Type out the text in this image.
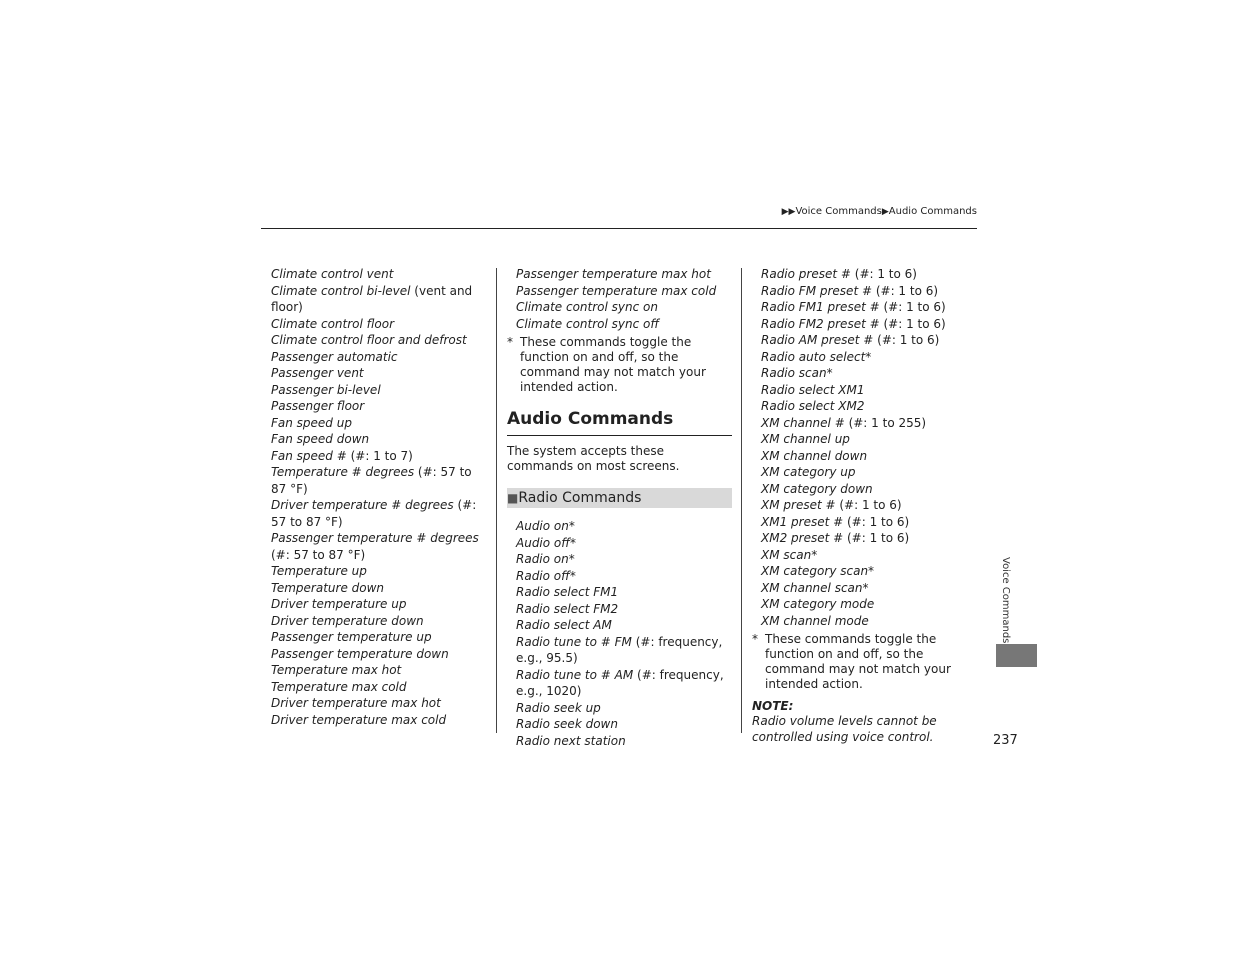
▶▶Voice Commands▶Audio Commands
Climate control vent
Climate control bi-level (vent and floor)
Climate control floor
Climate control floor and defrost
Passenger automatic
Passenger vent
Passenger bi-level
Passenger floor
Fan speed up
Fan speed down
Fan speed # (#: 1 to 7)
Temperature # degrees (#: 57 to 87 °F)
Driver temperature # degrees (#: 57 to 87 °F)
Passenger temperature # degrees (#: 57 to 87 °F)
Temperature up
Temperature down
Driver temperature up
Driver temperature down
Passenger temperature up
Passenger temperature down
Temperature max hot
Temperature max cold
Driver temperature max hot
Driver temperature max cold
Passenger temperature max hot
Passenger temperature max cold
Climate control sync on
Climate control sync off
* These commands toggle the function on and off, so the command may not match your intended action.
Audio Commands
The system accepts these commands on most screens.
■Radio Commands
Audio on*
Audio off*
Radio on*
Radio off*
Radio select FM1
Radio select FM2
Radio select AM
Radio tune to # FM (#: frequency, e.g., 95.5)
Radio tune to # AM (#: frequency, e.g., 1020)
Radio seek up
Radio seek down
Radio next station
Radio preset # (#: 1 to 6)
Radio FM preset # (#: 1 to 6)
Radio FM1 preset # (#: 1 to 6)
Radio FM2 preset # (#: 1 to 6)
Radio AM preset # (#: 1 to 6)
Radio auto select*
Radio scan*
Radio select XM1
Radio select XM2
XM channel # (#: 1 to 255)
XM channel up
XM channel down
XM category up
XM category down
XM preset # (#: 1 to 6)
XM1 preset # (#: 1 to 6)
XM2 preset # (#: 1 to 6)
XM scan*
XM category scan*
XM channel scan*
XM category mode
XM channel mode
* These commands toggle the function on and off, so the command may not match your intended action.
NOTE:
Radio volume levels cannot be controlled using voice control.
Voice Commands
237
